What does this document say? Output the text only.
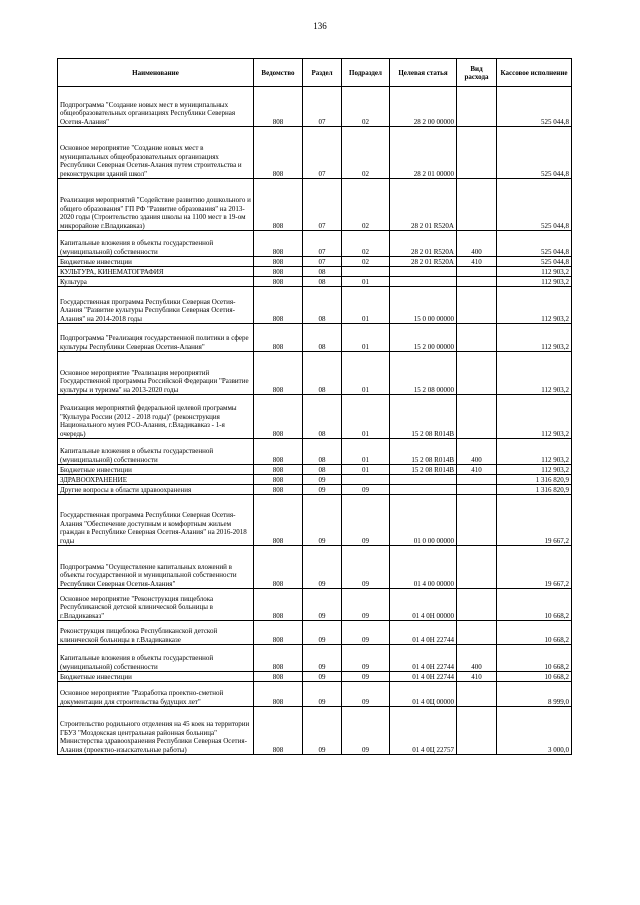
136
Наименование	Ведомство	Раздел	Подраздел	Целевая статья	Вид расхода	Кассовое исполнение
Подпрограмма "Создание новых мест в муниципальных общеобразовательных организациях Республики Северная Осетия-Алания"	808	07	02	28 2 00 00000		525 044,8
Основное мероприятие "Создание новых мест в муниципальных общеобразовательных организациях Республики Северная Осетия-Алания путем строительства и реконструкции зданий школ"	808	07	02	28 2 01 00000		525 044,8
Реализация мероприятий "Содействие развитию дошкольного и общего образования" ГП РФ "Развитие образования" на 2013-2020 годы (Строительство здания школы на 1100 мест в 19-ом микрорайоне г.Владикавказ)	808	07	02	28 2 01 R520A		525 044,8
Капитальные вложения в объекты государственной (муниципальной) собственности	808	07	02	28 2 01 R520A	400	525 044,8
Бюджетные инвестиции	808	07	02	28 2 01 R520A	410	525 044,8
КУЛЬТУРА, КИНЕМАТОГРАФИЯ	808	08				112 903,2
Культура	808	08	01			112 903,2
Государственная программа Республики Северная Осетия-Алания "Развитие культуры Республики Северная Осетия-Алания" на 2014-2018 годы	808	08	01	15 0 00 00000		112 903,2
Подпрограмма "Реализация государственной политики в сфере культуры Республики Северная Осетия-Алания"	808	08	01	15 2 00 00000		112 903,2
Основное мероприятие "Реализация мероприятий Государственной программы Российской Федерации "Развитие культуры и туризма" на 2013-2020 годы	808	08	01	15 2 08 00000		112 903,2
Реализация мероприятий федеральной целевой программы "Культура России (2012 - 2018 годы)" (реконструкция Национального музея РСО-Алания, г.Владикавказ - 1-я очередь)	808	08	01	15 2 08 R014B		112 903,2
Капитальные вложения в объекты государственной (муниципальной) собственности	808	08	01	15 2 08 R014B	400	112 903,2
Бюджетные инвестиции	808	08	01	15 2 08 R014B	410	112 903,2
ЗДРАВООХРАНЕНИЕ	808	09				1 316 820,9
Другие вопросы в области здравоохранения	808	09	09			1 316 820,9
Государственная программа Республики Северная Осетия-Алания "Обеспечение доступным и комфортным жильем граждан в Республике Северная Осетия-Алания" на 2016-2018 годы	808	09	09	01 0 00 00000		19 667,2
Подпрограмма "Осуществление капитальных вложений в объекты государственной и муниципальной собственности Республики Северная Осетия-Алания"	808	09	09	01 4 00 00000		19 667,2
Основное мероприятие "Реконструкция пищеблока Республиканской детской клинической больницы в г.Владикавказ"	808	09	09	01 4 0Н 00000		10 668,2
Реконструкция пищеблока Республиканской детской клинической больницы в г.Владикавказе	808	09	09	01 4 0Н 22744		10 668,2
Капитальные вложения в объекты государственной (муниципальной) собственности	808	09	09	01 4 0Н 22744	400	10 668,2
Бюджетные инвестиции	808	09	09	01 4 0Н 22744	410	10 668,2
Основное мероприятие "Разработка проектно-сметной документации для строительства будущих лет"	808	09	09	01 4 0Ц 00000		8 999,0
Строительство родильного отделения на 45 коек на территории ГБУЗ "Моздокская центральная районная больница" Министерства здравоохранения Республики Северная Осетия-Алания (проектно-изыскательные работы)	808	09	09	01 4 0Ц 22757		3 000,0
